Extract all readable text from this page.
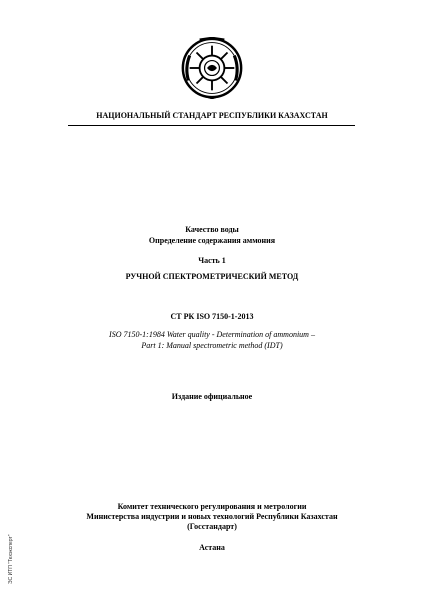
НАЦИОНАЛЬНЫЙ СТАНДАРТ РЕСПУБЛИКИ КАЗАХСТАН
Качество воды
Определение содержания аммония
Часть 1
РУЧНОЙ СПЕКТРОМЕТРИЧЕСКИЙ МЕТОД
СТ РК ISO 7150-1-2013
ISO 7150-1:1984 Water quality - Determination of ammonium –
Part 1: Manual spectrometric method (IDT)
Издание официальное
Комитет технического регулирования и метрологии
Министерства индустрии и новых технологий Республики Казахстан
(Госстандарт)
Астана
ЭС ИТП "Техэксперт"
